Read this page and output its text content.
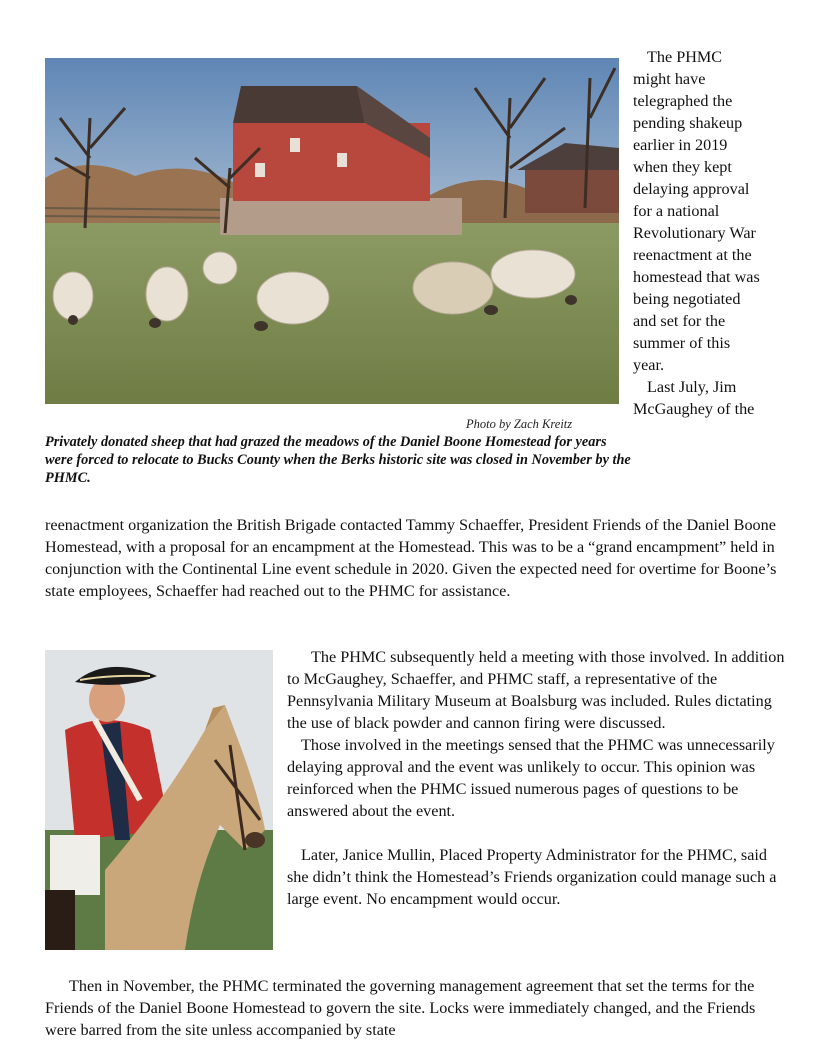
Photo by Zach Kreitz
Privately donated sheep that had grazed the meadows of the Daniel Boone Homestead for years were forced to relocate to Bucks County when the Berks historic site was closed in November by the PHMC.
The PHMC
might have
telegraphed the
pending shakeup
earlier in 2019
when they kept
delaying approval
for a national
Revolutionary War
reenactment at the
homestead that was
being negotiated
and set for the
summer of this
year.
Last July, Jim
McGaughey of the

reenactment organization the British Brigade contacted Tammy Schaeffer, President Friends of the Daniel Boone Homestead, with a proposal for an encampment at the Homestead. This was to be a “grand encampment” held in conjunction with the Continental Line event schedule in 2020. Given the expected need for overtime for Boone’s state employees, Schaeffer had reached out to the PHMC for assistance.

The PHMC subsequently held a meeting with those involved. In addition to McGaughey, Schaeffer, and PHMC staff, a representative of the Pennsylvania Military Museum at Boalsburg was included. Rules dictating the use of black powder and cannon firing were discussed.

Those involved in the meetings sensed that the PHMC was unnecessarily delaying approval and the event was unlikely to occur. This opinion was reinforced when the PHMC issued numerous pages of questions to be answered about the event.

Later, Janice Mullin, Placed Property Administrator for the PHMC, said she didn’t think the Homestead’s Friends organization could manage such a large event. No encampment would occur.

Then in November, the PHMC terminated the governing management agreement that set the terms for the Friends of the Daniel Boone Homestead to govern the site. Locks were immediately changed, and the Friends were barred from the site unless accompanied by state
